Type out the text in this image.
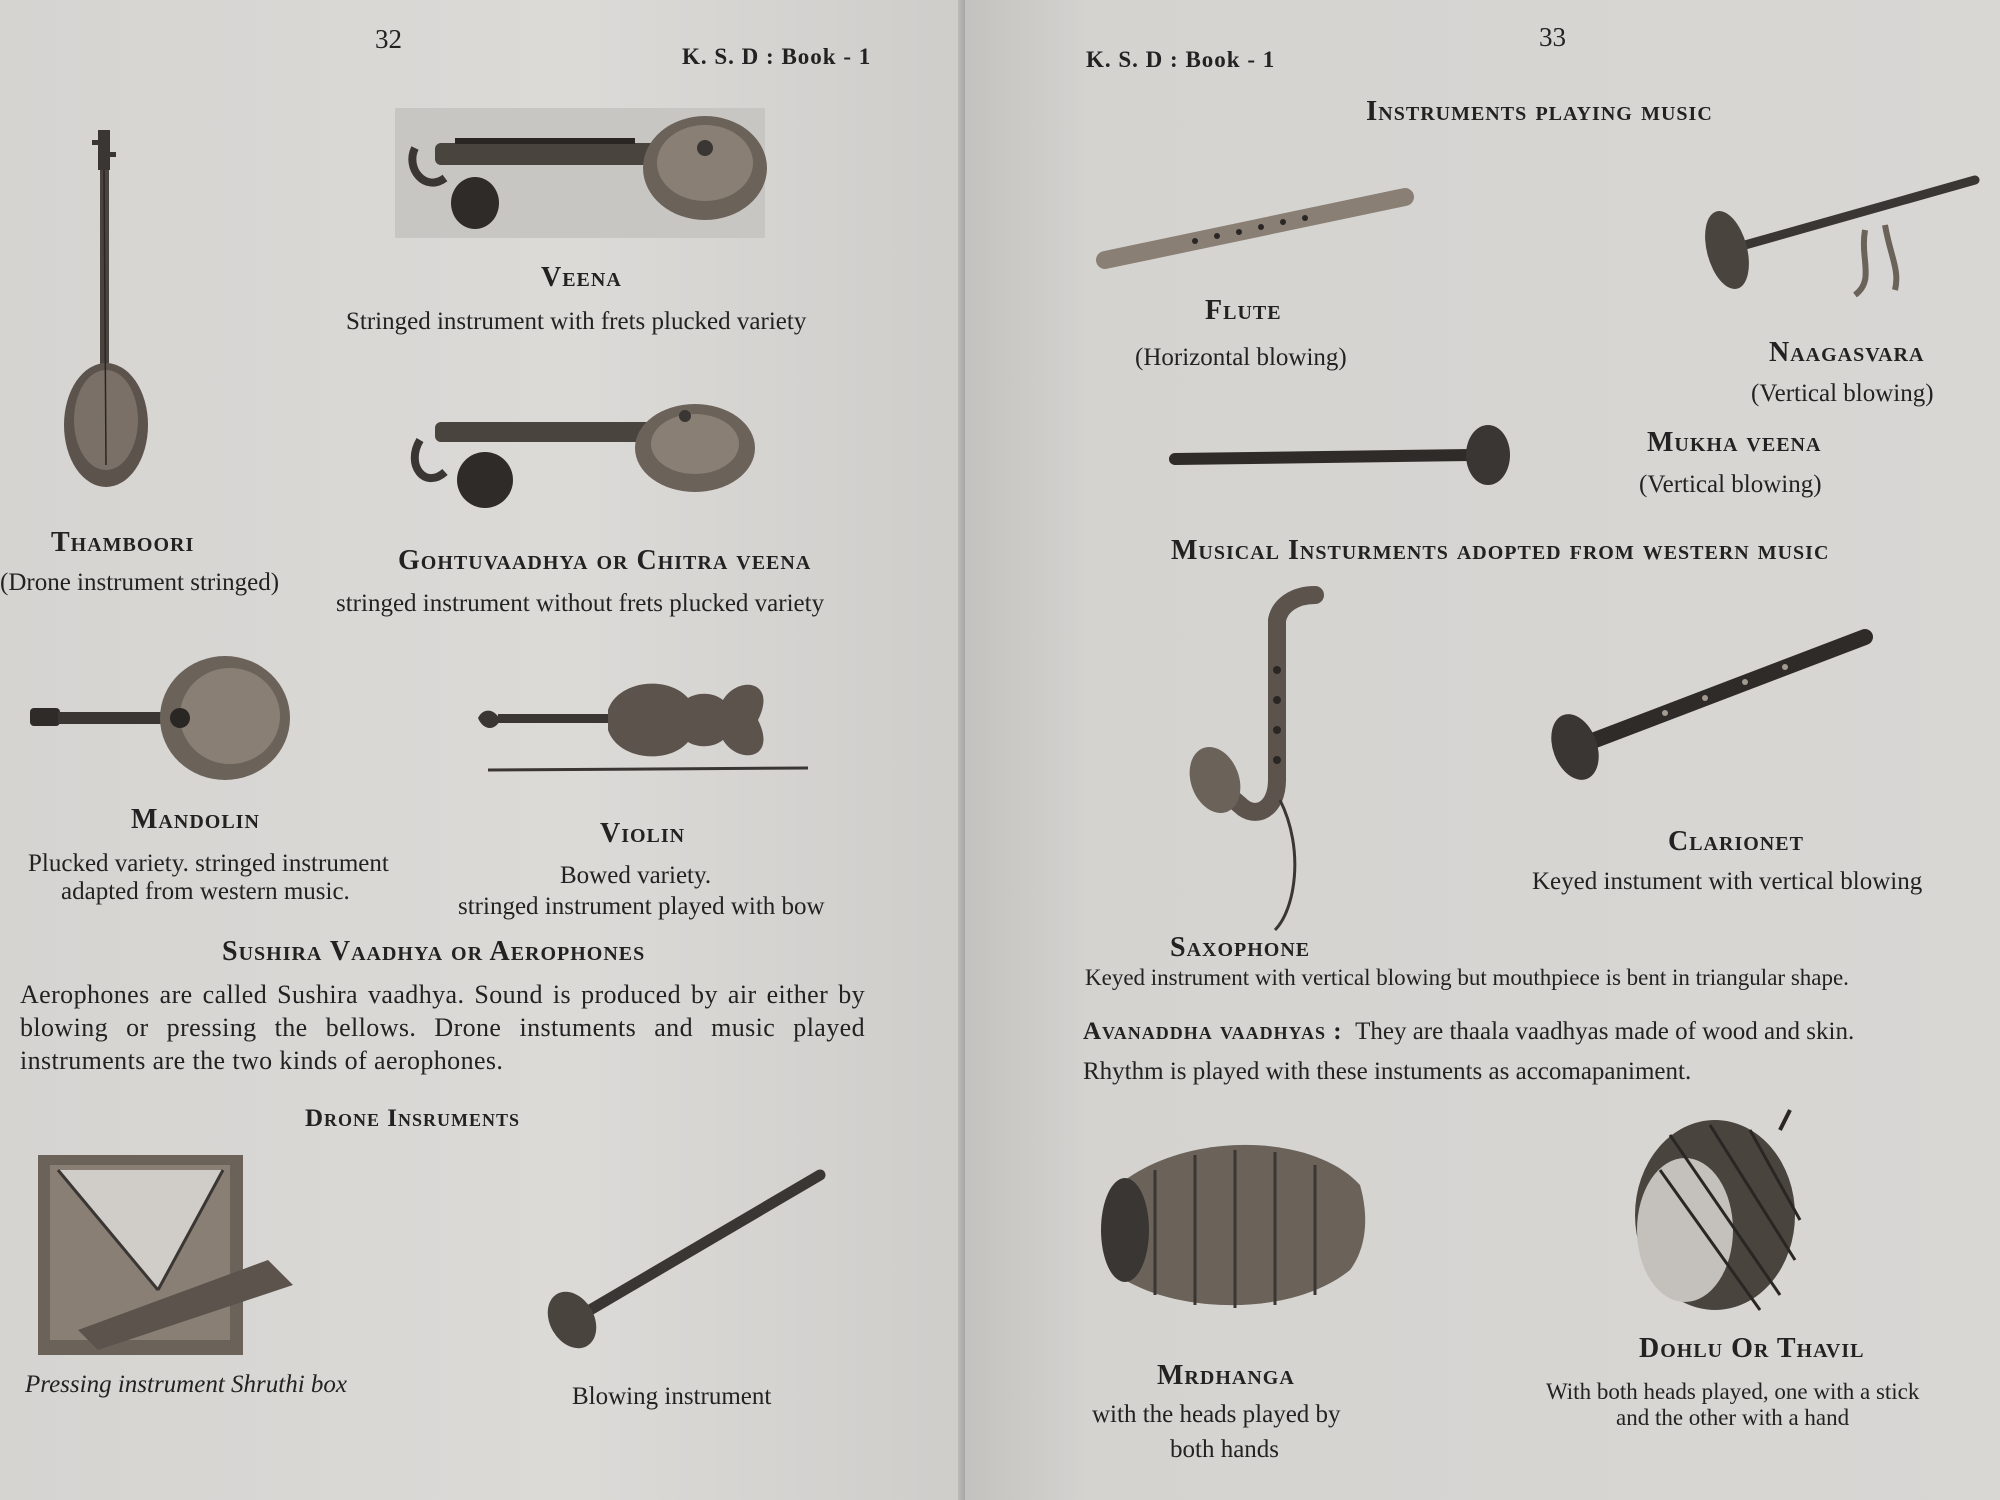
32

K. S. D : Book - 1

Veena

Stringed instrument with frets plucked variety

Thamboori

(Drone instrument stringed)

Gohtuvaadhya or Chitra veena

stringed instrument without frets plucked variety

Mandolin

Plucked variety. stringed instrument

adapted from western music.

Violin

Bowed variety.

stringed instrument played with bow

Sushira Vaadhya or Aerophones

Aerophones are called Sushira vaadhya. Sound is produced by air either by blowing or pressing the bellows. Drone instuments and music played instruments are the two kinds of aerophones.

Drone Insruments

Pressing instrument Shruthi box	Blowing instrument

K. S. D : Book - 1

33

Instruments playing music

Flute

(Horizontal blowing)	Naagasvara

(Vertical blowing)

Mukha veena

(Vertical blowing)

Musical Insturments adopted from western music

Clarionet

Keyed instument with vertical blowing

Saxophone

Keyed instrument with vertical blowing but mouthpiece is bent in triangular shape.

Avanaddha vaadhyas : They are thaala vaadhyas made of wood and skin.

Rhythm is played with these instuments as accomapaniment.

Dohlu Or Thavil

With both heads played, one with a stick

and the other with a hand

Mrdhanga

with the heads played by

both hands
